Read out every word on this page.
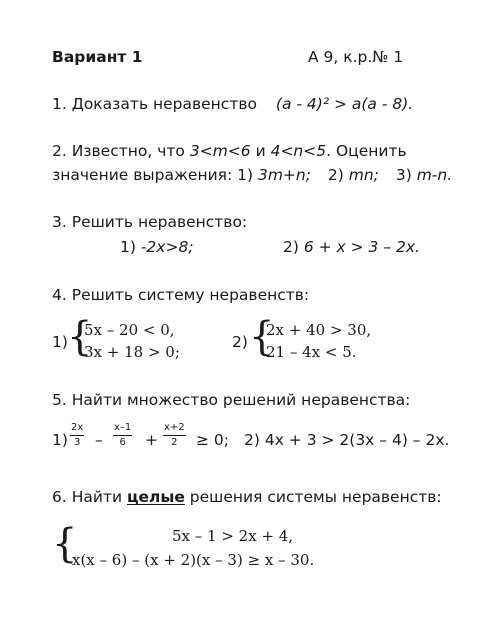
Вариант 1	А 9, к.р.№ 1
1. Доказать неравенство (a - 4)² > a(a - 8).
2. Известно, что 3<m<6 и 4<n<5. Оценить
значение выражения: 1) 3m+n; 2) mn; 3) m-n.
3. Решить неравенство:
1) -2x>8;	2) 6 + x > 3 – 2x.
4. Решить систему неравенств:
1) {
5x – 20 < 0,
3x + 18 > 0;
2) {
2x + 40 > 30,
21 – 4x < 5.
5. Найти множество решений неравенства:
$1) \frac{2x}{3} - \frac{x-1}{6} + \frac{x+2}{2} \ge 0$; 2) 4x + 3 > 2(3x – 4) – 2x.
6. Найти целые решения системы неравенств:
{	5x – 1 > 2x + 4,
x(x – 6) – (x + 2)(x – 3) ≥ x – 30.
